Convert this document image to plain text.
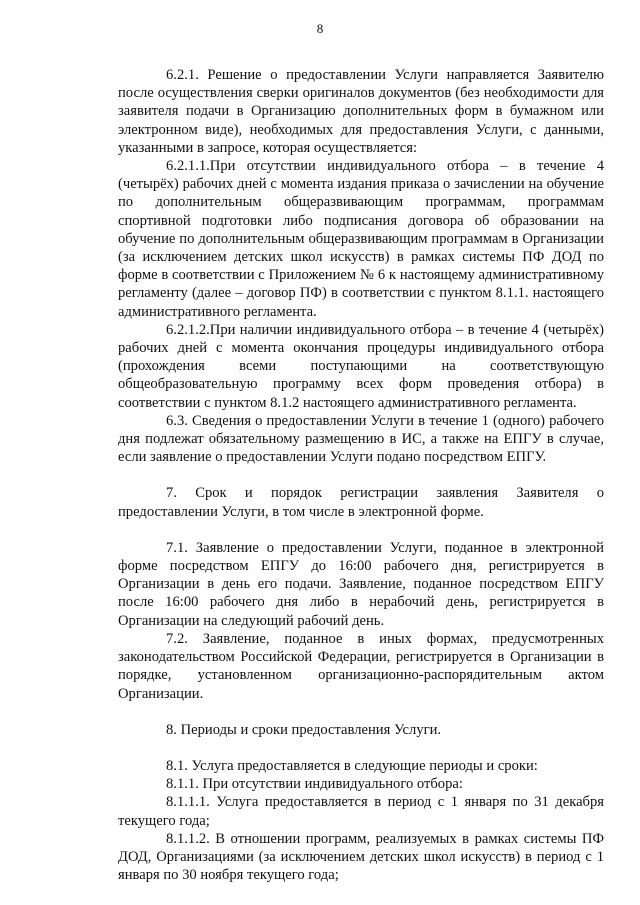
8

6.2.1. Решение о предоставлении Услуги направляется Заявителю после осуществления сверки оригиналов документов (без необходимости для заявителя подачи в Организацию дополнительных форм в бумажном или электронном виде), необходимых для предоставления Услуги, с данными, указанными в запросе, которая осуществляется:

6.2.1.1.При отсутствии индивидуального отбора – в течение 4 (четырёх) рабочих дней с момента издания приказа о зачислении на обучение по дополнительным общеразвивающим программам, программам спортивной подготовки либо подписания договора об образовании на обучение по дополнительным общеразвивающим программам в Организации (за исключением детских школ искусств) в рамках системы ПФ ДОД по форме в соответствии с Приложением № 6 к настоящему административному регламенту (далее – договор ПФ) в соответствии с пунктом 8.1.1. настоящего административного регламента.

6.2.1.2.При наличии индивидуального отбора – в течение 4 (четырёх) рабочих дней с момента окончания процедуры индивидуального отбора (прохождения всеми поступающими на соответствующую общеобразовательную программу всех форм проведения отбора) в соответствии с пунктом 8.1.2 настоящего административного регламента.

6.3. Сведения о предоставлении Услуги в течение 1 (одного) рабочего дня подлежат обязательному размещению в ИС, а также на ЕПГУ в случае, если заявление о предоставлении Услуги подано посредством ЕПГУ.

7. Срок и порядок регистрации заявления Заявителя о предоставлении Услуги, в том числе в электронной форме.

7.1. Заявление о предоставлении Услуги, поданное в электронной форме посредством ЕПГУ до 16:00 рабочего дня, регистрируется в Организации в день его подачи. Заявление, поданное посредством ЕПГУ после 16:00 рабочего дня либо в нерабочий день, регистрируется в Организации на следующий рабочий день.

7.2. Заявление, поданное в иных формах, предусмотренных законодательством Российской Федерации, регистрируется в Организации в порядке, установленном организационно-распорядительным актом Организации.

8. Периоды и сроки предоставления Услуги.

8.1. Услуга предоставляется в следующие периоды и сроки:

8.1.1. При отсутствии индивидуального отбора:

8.1.1.1. Услуга предоставляется в период с 1 января по 31 декабря текущего года;

8.1.1.2. В отношении программ, реализуемых в рамках системы ПФ ДОД, Организациями (за исключением детских школ искусств) в период с 1 января по 30 ноября текущего года;
